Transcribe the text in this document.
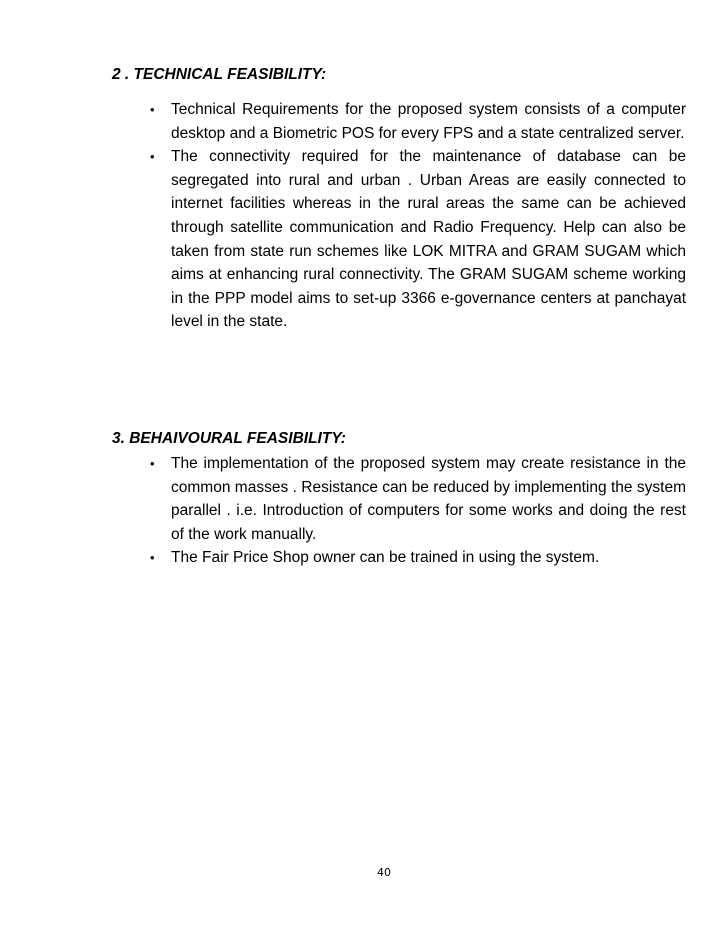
2 . TECHNICAL FEASIBILITY:
•	Technical Requirements for the proposed system consists of a computer desktop and a Biometric POS for every FPS and a state centralized server.
•	The connectivity required for the maintenance of database can be segregated into rural and urban . Urban Areas are easily connected to internet facilities whereas in the rural areas the same can be achieved through satellite communication and Radio Frequency. Help can also be taken from state run schemes like LOK MITRA and GRAM SUGAM which aims at enhancing rural connectivity. The GRAM SUGAM scheme working in the PPP model aims to set-up 3366 e-governance centers at panchayat level in the state.
3. BEHAIVOURAL FEASIBILITY:
•	The implementation of the proposed system may create resistance in the common masses . Resistance can be reduced by implementing the system parallel . i.e. Introduction of computers for some works and doing the rest of the work manually.
•	The Fair Price Shop owner can be trained in using the system.
40
